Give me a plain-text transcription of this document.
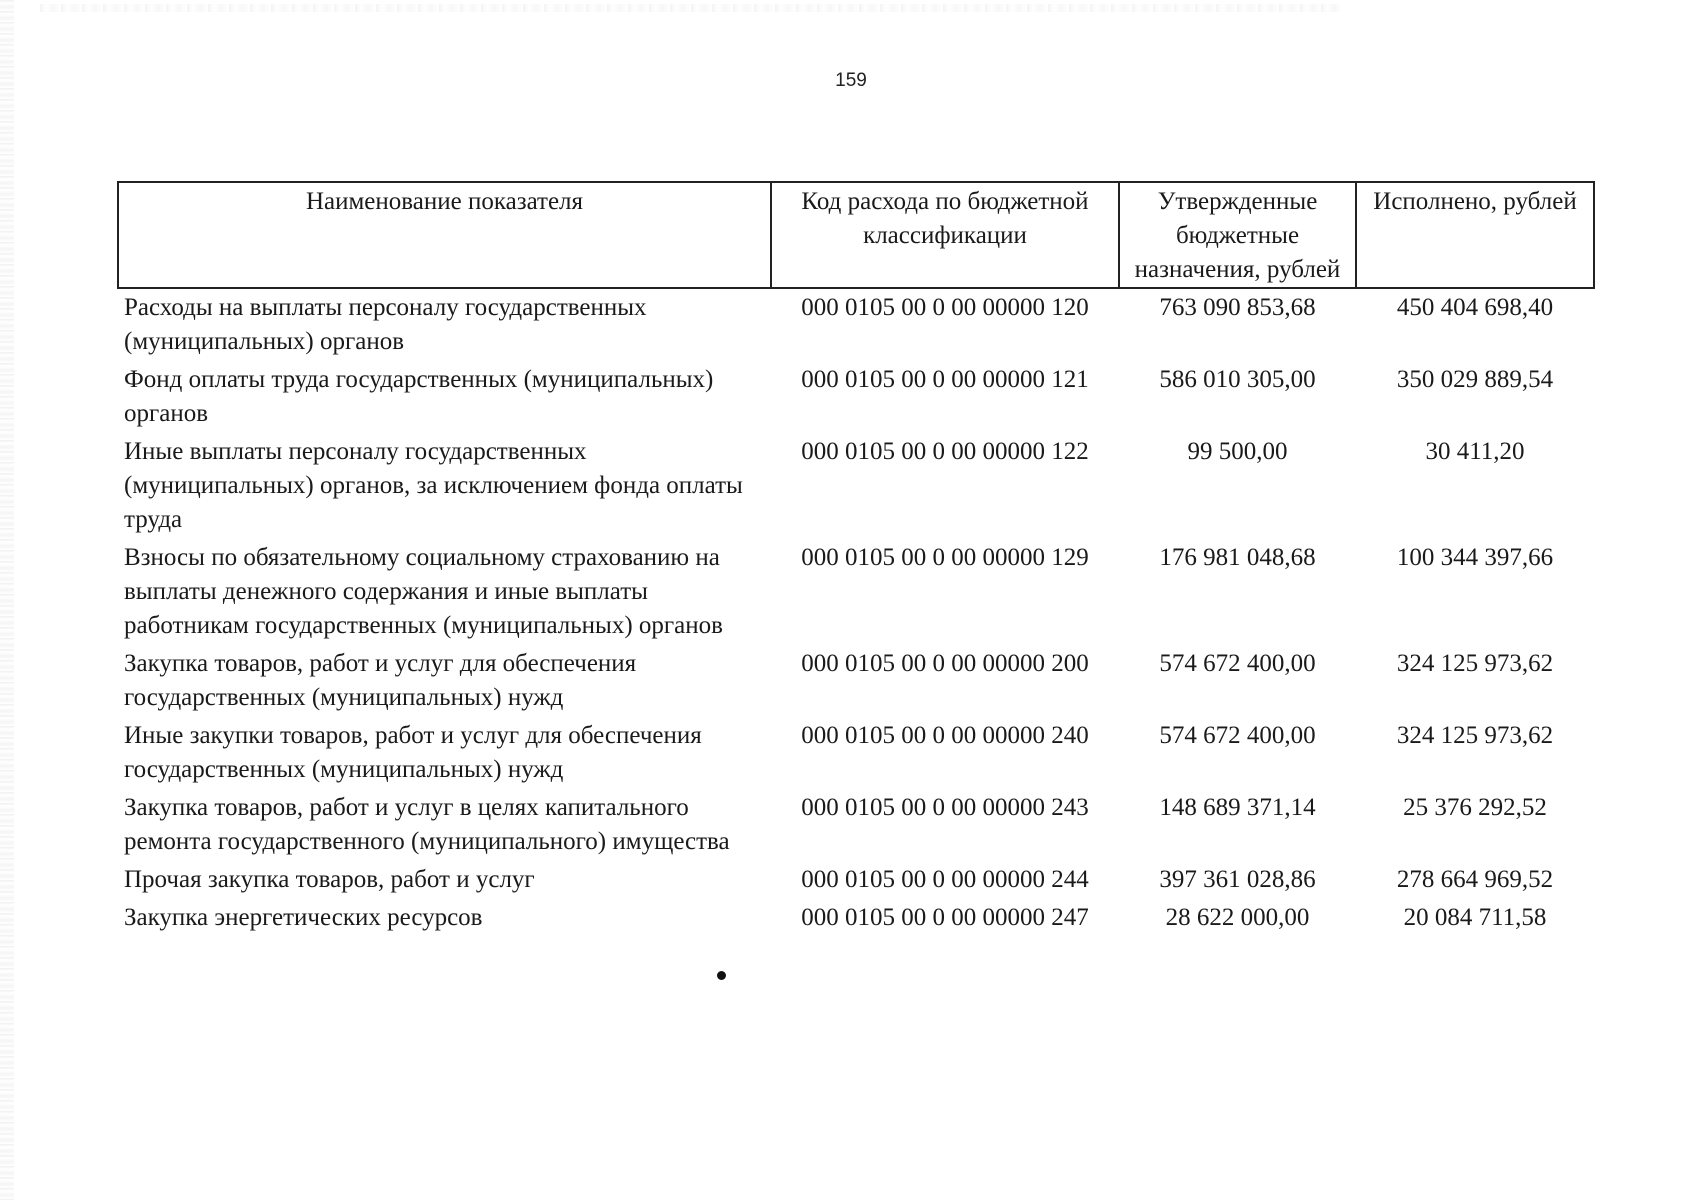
159
Наименование показателя	Код расхода по бюджетной классификации	Утвержденные бюджетные назначения, рублей	Исполнено, рублей
Расходы на выплаты персоналу государственных (муниципальных) органов	000 0105 00 0 00 00000 120	763 090 853,68	450 404 698,40
Фонд оплаты труда государственных (муниципальных) органов	000 0105 00 0 00 00000 121	586 010 305,00	350 029 889,54
Иные выплаты персоналу государственных (муниципальных) органов, за исключением фонда оплаты труда	000 0105 00 0 00 00000 122	99 500,00	30 411,20
Взносы по обязательному социальному страхованию на выплаты денежного содержания и иные выплаты работникам государственных (муниципальных) органов	000 0105 00 0 00 00000 129	176 981 048,68	100 344 397,66
Закупка товаров, работ и услуг для обеспечения государственных (муниципальных) нужд	000 0105 00 0 00 00000 200	574 672 400,00	324 125 973,62
Иные закупки товаров, работ и услуг для обеспечения государственных (муниципальных) нужд	000 0105 00 0 00 00000 240	574 672 400,00	324 125 973,62
Закупка товаров, работ и услуг в целях капитального ремонта государственного (муниципального) имущества	000 0105 00 0 00 00000 243	148 689 371,14	25 376 292,52
Прочая закупка товаров, работ и услуг	000 0105 00 0 00 00000 244	397 361 028,86	278 664 969,52
Закупка энергетических ресурсов	000 0105 00 0 00 00000 247	28 622 000,00	20 084 711,58
